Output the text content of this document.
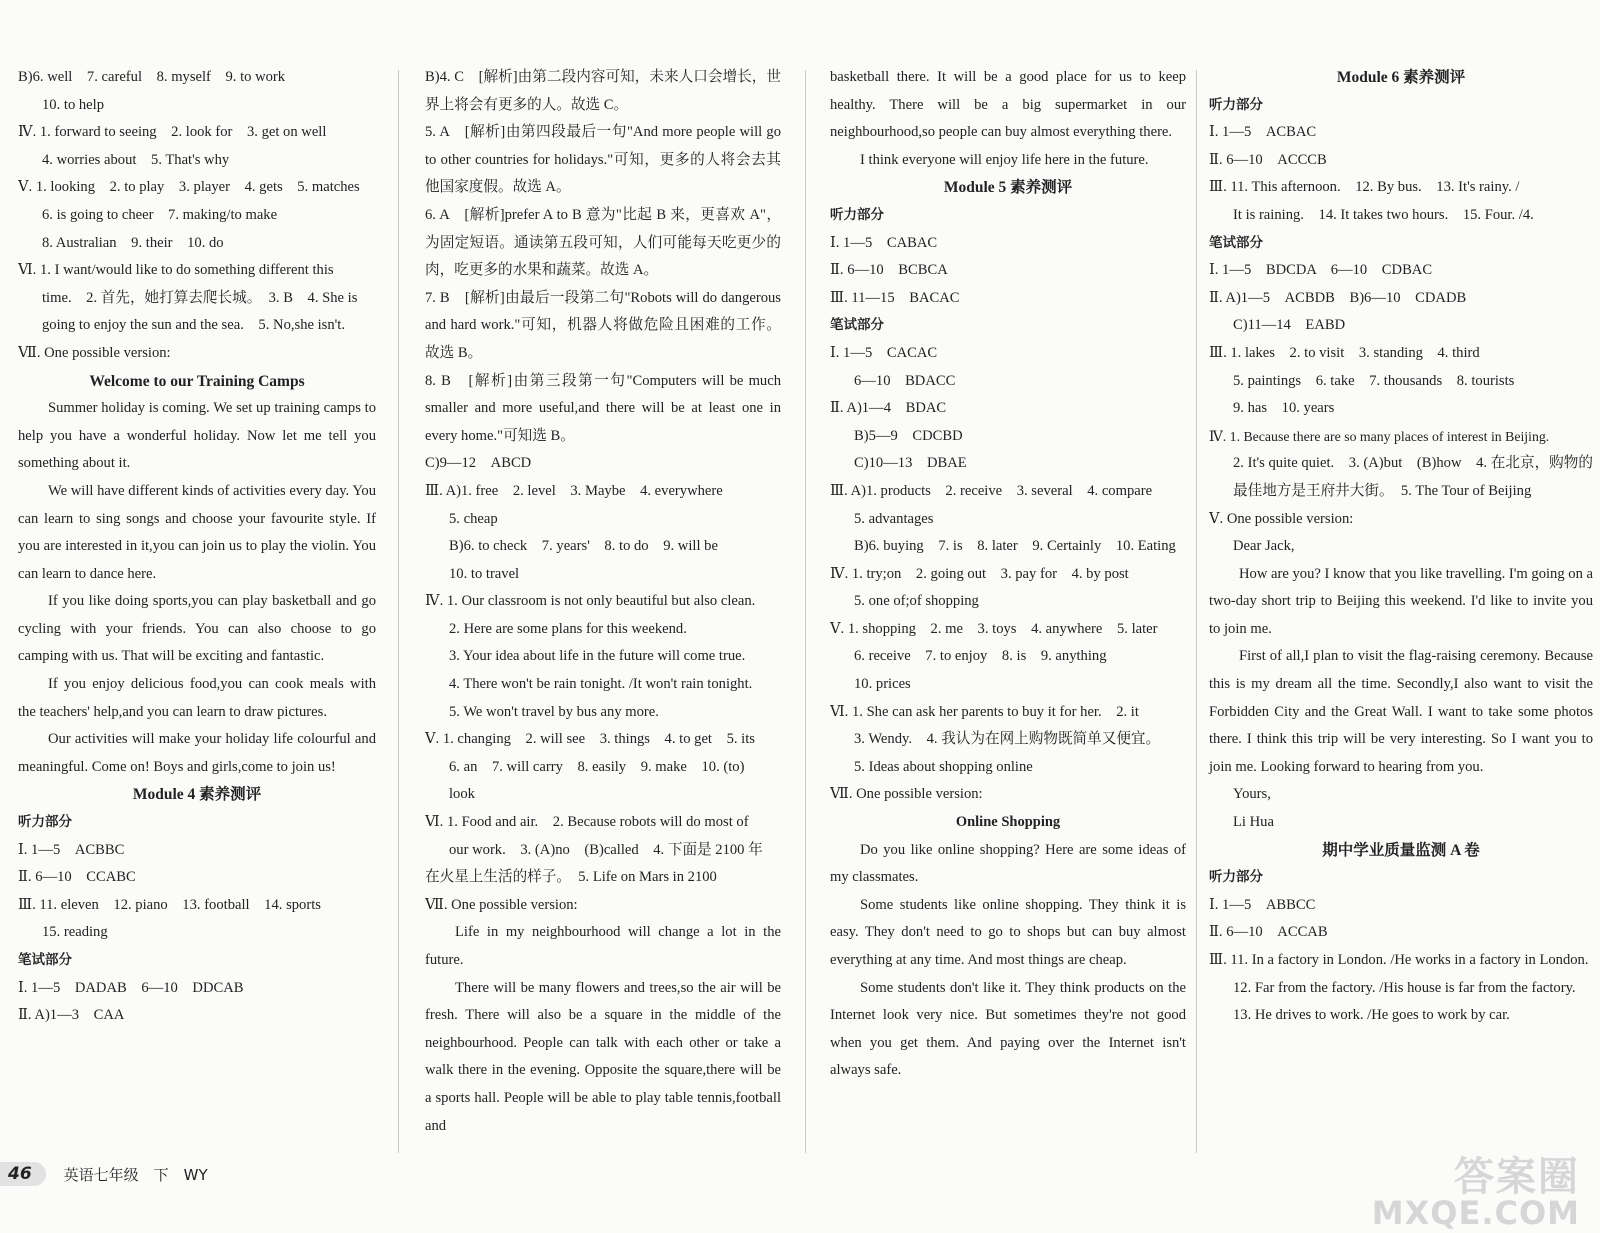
B)6. well　7. careful　8. myself　9. to work
10. to help
Ⅳ. 1. forward to seeing　2. look for　3. get on well
4. worries about　5. That's why
Ⅴ. 1. looking　2. to play　3. player　4. gets　5. matches
6. is going to cheer　7. making/to make
8. Australian　9. their　10. do
Ⅵ. 1. I want/would like to do something different this
time.　2. 首先，她打算去爬长城。　3. B　4. She is
going to enjoy the sun and the sea.　5. No,she isn't.
Ⅶ. One possible version:
Welcome to our Training Camps
Summer holiday is coming. We set up training camps to help you have a wonderful holiday. Now let me tell you something about it.
We will have different kinds of activities every day. You can learn to sing songs and choose your favourite style. If you are interested in it,you can join us to play the violin. You can learn to dance here.
If you like doing sports,you can play basketball and go cycling with your friends. You can also choose to go camping with us. That will be exciting and fantastic.
If you enjoy delicious food,you can cook meals with the teachers' help,and you can learn to draw pictures.
Our activities will make your holiday life colourful and meaningful. Come on! Boys and girls,come to join us!
Module 4 素养测评
听力部分
Ⅰ. 1—5　ACBBC
Ⅱ. 6—10　CCABC
Ⅲ. 11. eleven　12. piano　13. football　14. sports
15. reading
笔试部分
Ⅰ. 1—5　DADAB　6—10　DDCAB
Ⅱ. A)1—3　CAA
B)4. C　[解析]由第二段内容可知，未来人口会增长，世界上将会有更多的人。故选 C。
5. A　[解析]由第四段最后一句"And more people will go to other countries for holidays."可知，更多的人将会去其他国家度假。故选 A。
6. A　[解析]prefer A to B 意为"比起 B 来，更喜欢 A"，为固定短语。通读第五段可知，人们可能每天吃更少的肉，吃更多的水果和蔬菜。故选 A。
7. B　[解析]由最后一段第二句"Robots will do dangerous and hard work."可知，机器人将做危险且困难的工作。故选 B。
8. B　[解析]由第三段第一句"Computers will be much smaller and more useful,and there will be at least one in every home."可知选 B。
C)9—12　ABCD
Ⅲ. A)1. free　2. level　3. Maybe　4. everywhere
5. cheap
B)6. to check　7. years'　8. to do　9. will be
10. to travel
Ⅳ. 1. Our classroom is not only beautiful but also clean.
2. Here are some plans for this weekend.
3. Your idea about life in the future will come true.
4. There won't be rain tonight. /It won't rain tonight.
5. We won't travel by bus any more.
Ⅴ. 1. changing　2. will see　3. things　4. to get　5. its
6. an　7. will carry　8. easily　9. make　10. (to)
look
Ⅵ. 1. Food and air.　2. Because robots will do most of
our work.　3. (A)no　(B)called　4. 下面是 2100 年
在火星上生活的样子。　5. Life on Mars in 2100
Ⅶ. One possible version:
Life in my neighbourhood will change a lot in the future.
There will be many flowers and trees,so the air will be fresh. There will also be a square in the middle of the neighbourhood. People can talk with each other or take a walk there in the evening. Opposite the square,there will be a sports hall. People will be able to play table tennis,football and
basketball there. It will be a good place for us to keep healthy. There will be a big supermarket in our neighbourhood,so people can buy almost everything there.
I think everyone will enjoy life here in the future.
Module 5 素养测评
听力部分
Ⅰ. 1—5　CABAC
Ⅱ. 6—10　BCBCA
Ⅲ. 11—15　BACAC
笔试部分
Ⅰ. 1—5　CACAC
6—10　BDACC
Ⅱ. A)1—4　BDAC
B)5—9　CDCBD
C)10—13　DBAE
Ⅲ. A)1. products　2. receive　3. several　4. compare
5. advantages
B)6. buying　7. is　8. later　9. Certainly　10. Eating
Ⅳ. 1. try;on　2. going out　3. pay for　4. by post
5. one of;of shopping
Ⅴ. 1. shopping　2. me　3. toys　4. anywhere　5. later
6. receive　7. to enjoy　8. is　9. anything
10. prices
Ⅵ. 1. She can ask her parents to buy it for her.　2. it
3. Wendy.　4. 我认为在网上购物既简单又便宜。
5. Ideas about shopping online
Ⅶ. One possible version:
Online Shopping
Do you like online shopping? Here are some ideas of my classmates.
Some students like online shopping. They think it is easy. They don't need to go to shops but can buy almost everything at any time. And most things are cheap.
Some students don't like it. They think products on the Internet look very nice. But sometimes they're not good when you get them. And paying over the Internet isn't always safe.
Module 6 素养测评
听力部分
Ⅰ. 1—5　ACBAC
Ⅱ. 6—10　ACCCB
Ⅲ. 11. This afternoon.　12. By bus.　13. It's rainy. /
It is raining.　14. It takes two hours.　15. Four. /4.
笔试部分
Ⅰ. 1—5　BDCDA　6—10　CDBAC
Ⅱ. A)1—5　ACBDB　B)6—10　CDADB
C)11—14　EABD
Ⅲ. 1. lakes　2. to visit　3. standing　4. third
5. paintings　6. take　7. thousands　8. tourists
9. has　10. years
Ⅳ. 1. Because there are so many places of interest in Beijing.
2. It's quite quiet.　3. (A)but　(B)how　4. 在北京，购物的最佳地方是王府井大街。　5. The Tour of Beijing
Ⅴ. One possible version:
Dear Jack,
How are you? I know that you like travelling. I'm going on a two-day short trip to Beijing this weekend. I'd like to invite you to join me.
First of all,I plan to visit the flag-raising ceremony. Because this is my dream all the time. Secondly,I also want to visit the Forbidden City and the Great Wall. I want to take some photos there. I think this trip will be very interesting. So I want you to join me. Looking forward to hearing from you.
Yours,
Li Hua
期中学业质量监测 A 卷
听力部分
Ⅰ. 1—5　ABBCC
Ⅱ. 6—10　ACCAB
Ⅲ. 11. In a factory in London. /He works in a factory in London.
12. Far from the factory. /His house is far from the factory.
13. He drives to work. /He goes to work by car.
46	英语七年级　下　WY	答案圈
MXQE.COM
